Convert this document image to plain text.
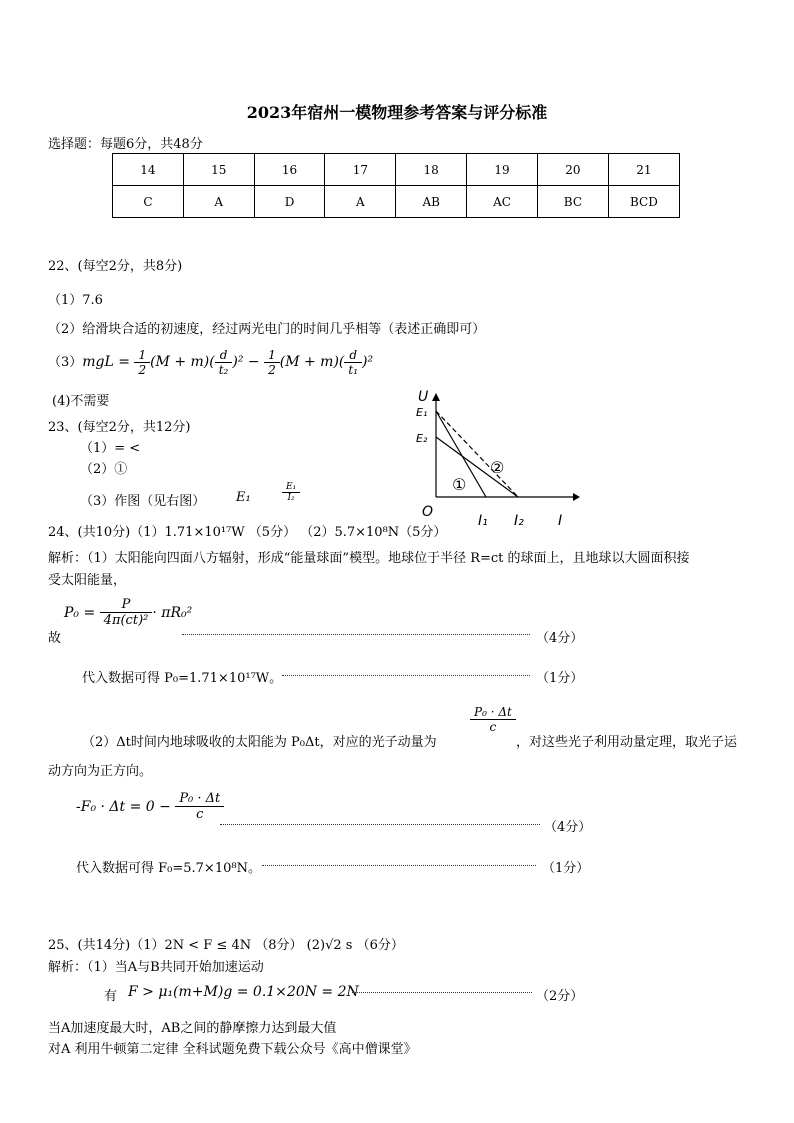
2023年宿州一模物理参考答案与评分标准
选择题：每题6分，共48分
14	15	16	17	18	19	20	21
C	A	D	A	AB	AC	BC	BCD
22、(每空2分，共8分)
（1）7.6
（2）给滑块合适的初速度，经过两光电门的时间几乎相等（表述正确即可）
$(3)mgL = \frac{1}{2} (M + m)( \frac{d}{\text{t₂}} )^2 - \frac{1}{2} (M + m)( \frac{d}{\text{t₁}} )^2$
(4)不需要
23、(每空2分，共12分)
（1）= <
（2）①
（3）作图（见右图） E₁	$\frac{\text{E₁}}{\text{I₂}}$
U
E₁
E₂
O
I₁ I₂ I
①
②
24、(共10分)（1）1.71×10¹⁷W （5分） （2）5.7×10⁸N（5分）
解析：（1）太阳能向四面八方辐射，形成“能量球面”模型。地球位于半径 R=ct 的球面上，且地球以大圆面积接
受太阳能量，
$P_0 = \frac{P}{\text{4π(ct)²}} \cdot \pi R_0^2$
故	（4分）
代入数据可得 P₀=1.71×10¹⁷W。	（1分）
（2）Δt时间内地球吸收的太阳能为 P₀Δt，对应的光子动量为
$\frac{\text{P₀ · Δt}}{c}$
，对这些光子利用动量定理，取光子运
动方向为正方向。
$-F_0 \cdot \Delta t = 0 - \frac{\text{P₀ · Δt}}{c}$
（4分）
代入数据可得 F₀=5.7×10⁸N。	（1分）
25、(共14分)（1）2N < F ≤ 4N （8分） (2)√2 s （6分）
解析：（1）当A与B共同开始加速运动
有 F > μ₁(m+M)g = 0.1×20N = 2N	（2分）
当A加速度最大时，AB之间的静摩擦力达到最大值
对A 利用牛顿第二定律 全科试题免费下载公众号《高中僧课堂》
